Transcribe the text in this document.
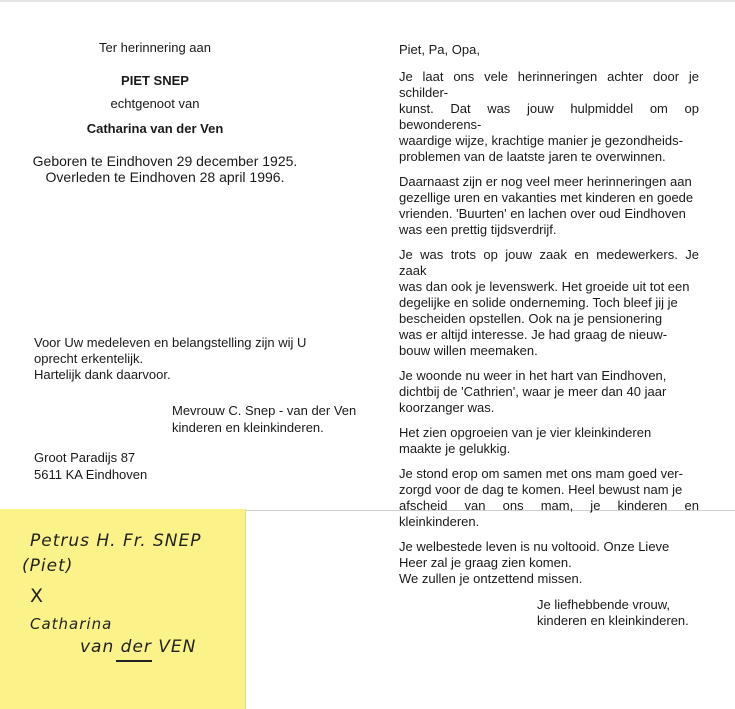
Ter herinnering aan
PIET SNEP
echtgenoot van
Catharina van der Ven
Geboren te Eindhoven 29 december 1925.
Overleden te Eindhoven 28 april 1996.
Voor Uw medeleven en belangstelling zijn wij U
oprecht erkentelijk.
Hartelijk dank daarvoor.
Mevrouw C. Snep - van der Ven
kinderen en kleinkinderen.
Groot Paradijs 87
5611 KA Eindhoven
Piet, Pa, Opa,
Je laat ons vele herinneringen achter door je schilder-
kunst. Dat was jouw hulpmiddel om op bewonderens-
waardige wijze, krachtige manier je gezondheids-
problemen van de laatste jaren te overwinnen.
Daarnaast zijn er nog veel meer herinneringen aan
gezellige uren en vakanties met kinderen en goede
vrienden. 'Buurten' en lachen over oud Eindhoven
was een prettig tijdsverdrijf.
Je was trots op jouw zaak en medewerkers. Je zaak
was dan ook je levenswerk. Het groeide uit tot een
degelijke en solide onderneming. Toch bleef jij je
bescheiden opstellen. Ook na je pensionering
was er altijd interesse. Je had graag de nieuw-
bouw willen meemaken.
Je woonde nu weer in het hart van Eindhoven,
dichtbij de 'Cathrien', waar je meer dan 40 jaar
koorzanger was.
Het zien opgroeien van je vier kleinkinderen
maakte je gelukkig.
Je stond erop om samen met ons mam goed ver-
zorgd voor de dag te komen. Heel bewust nam je
afscheid van ons mam, je kinderen en kleinkinderen.
Je welbestede leven is nu voltooid. Onze Lieve
Heer zal je graag zien komen.
We zullen je ontzettend missen.
Je liefhebbende vrouw,
kinderen en kleinkinderen.
Petrus H. Fr. SNEP
(Piet)
X
Catharina
van der VEN
